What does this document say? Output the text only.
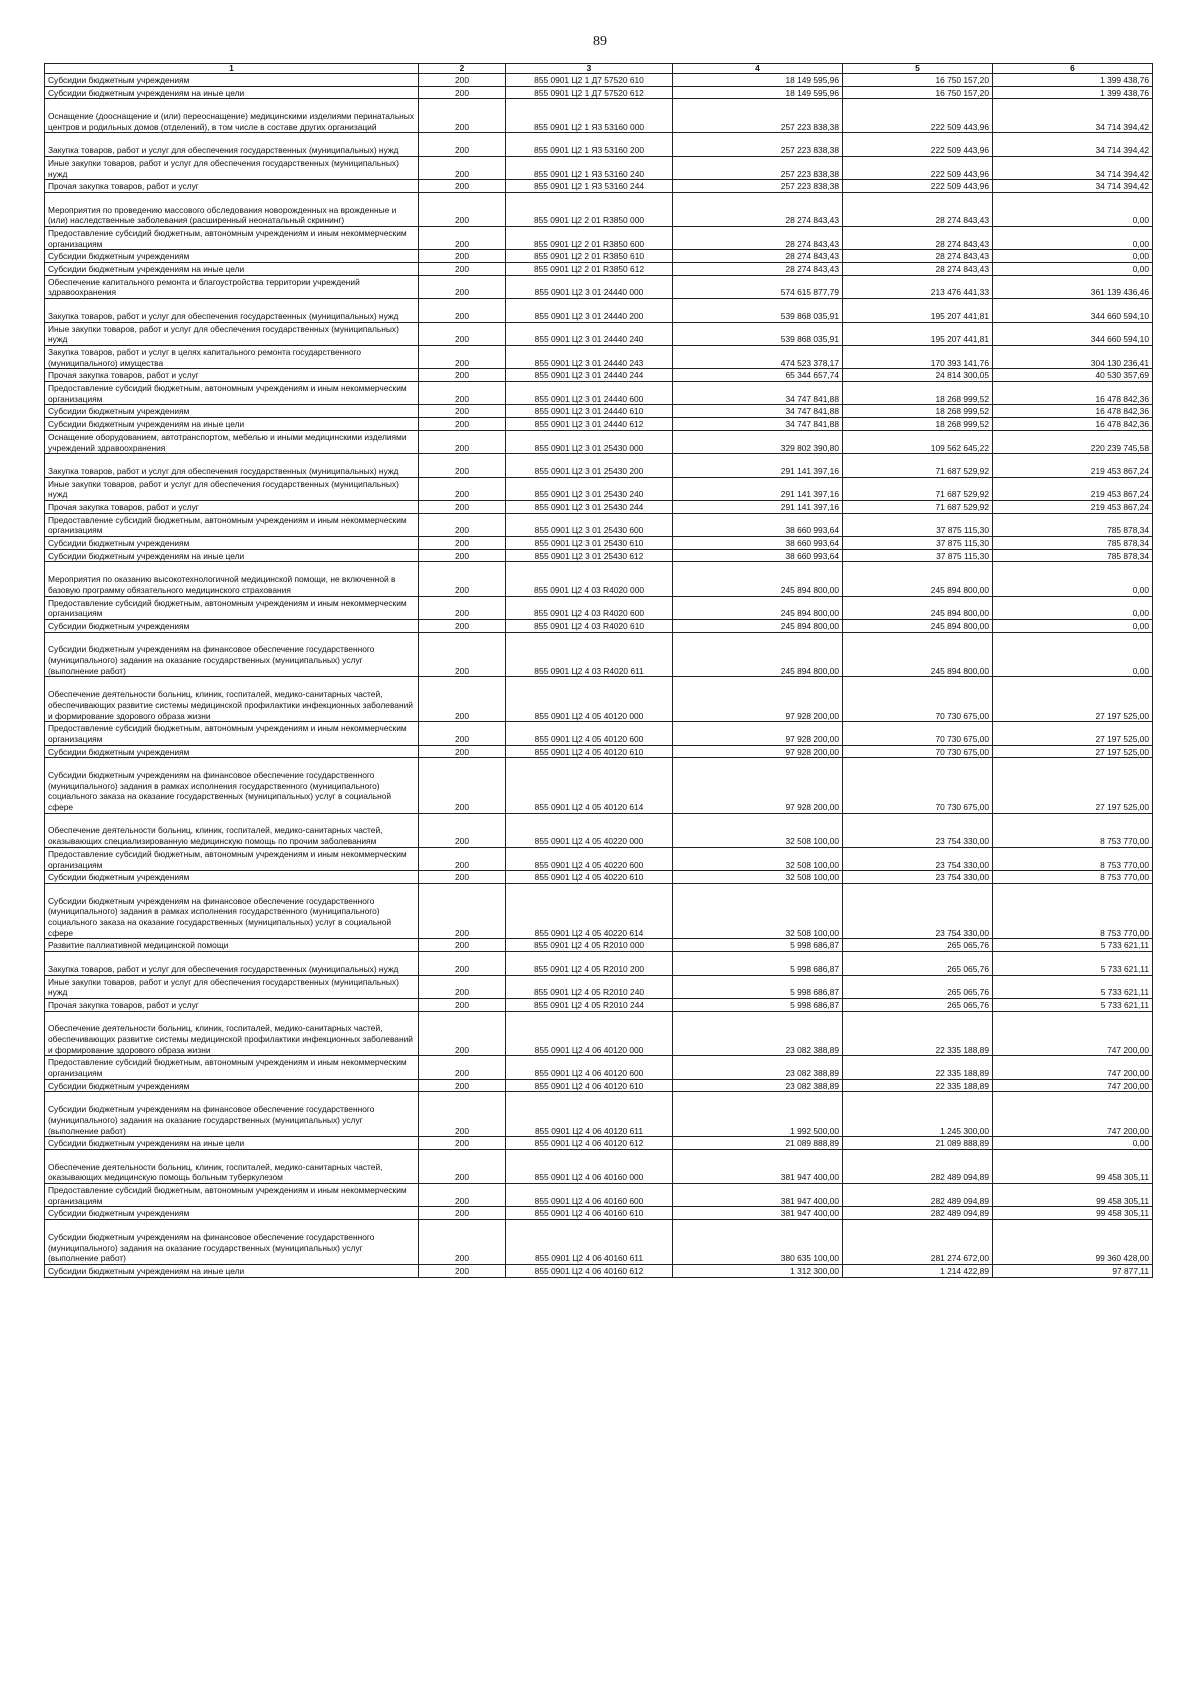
89
1	2	3	4	5	6
Субсидии бюджетным учреждениям	200	855 0901 Ц2 1 Д7 57520 610	18 149 595,96	16 750 157,20	1 399 438,76
Субсидии бюджетным учреждениям на иные цели	200	855 0901 Ц2 1 Д7 57520 612	18 149 595,96	16 750 157,20	1 399 438,76
Оснащение (дооснащение и (или) переоснащение) медицинскими изделиями перинатальных центров и родильных домов (отделений), в том числе в составе других организаций	200	855 0901 Ц2 1 Я3 53160 000	257 223 838,38	222 509 443,96	34 714 394,42
Закупка товаров, работ и услуг для обеспечения государственных (муниципальных) нужд	200	855 0901 Ц2 1 Я3 53160 200	257 223 838,38	222 509 443,96	34 714 394,42
Иные закупки товаров, работ и услуг для обеспечения государственных (муниципальных) нужд	200	855 0901 Ц2 1 Я3 53160 240	257 223 838,38	222 509 443,96	34 714 394,42
Прочая закупка товаров, работ и услуг	200	855 0901 Ц2 1 Я3 53160 244	257 223 838,38	222 509 443,96	34 714 394,42
Мероприятия по проведению массового обследования новорожденных на врожденные и (или) наследственные заболевания (расширенный неонатальный скрининг)	200	855 0901 Ц2 2 01 R3850 000	28 274 843,43	28 274 843,43	0,00
Предоставление субсидий бюджетным, автономным учреждениям и иным некоммерческим организациям	200	855 0901 Ц2 2 01 R3850 600	28 274 843,43	28 274 843,43	0,00
Субсидии бюджетным учреждениям	200	855 0901 Ц2 2 01 R3850 610	28 274 843,43	28 274 843,43	0,00
Субсидии бюджетным учреждениям на иные цели	200	855 0901 Ц2 2 01 R3850 612	28 274 843,43	28 274 843,43	0,00
Обеспечение капитального ремонта и благоустройства территории учреждений здравоохранения	200	855 0901 Ц2 3 01 24440 000	574 615 877,79	213 476 441,33	361 139 436,46
Закупка товаров, работ и услуг для обеспечения государственных (муниципальных) нужд	200	855 0901 Ц2 3 01 24440 200	539 868 035,91	195 207 441,81	344 660 594,10
Иные закупки товаров, работ и услуг для обеспечения государственных (муниципальных) нужд	200	855 0901 Ц2 3 01 24440 240	539 868 035,91	195 207 441,81	344 660 594,10
Закупка товаров, работ и услуг в целях капитального ремонта государственного (муниципального) имущества	200	855 0901 Ц2 3 01 24440 243	474 523 378,17	170 393 141,76	304 130 236,41
Прочая закупка товаров, работ и услуг	200	855 0901 Ц2 3 01 24440 244	65 344 657,74	24 814 300,05	40 530 357,69
Предоставление субсидий бюджетным, автономным учреждениям и иным некоммерческим организациям	200	855 0901 Ц2 3 01 24440 600	34 747 841,88	18 268 999,52	16 478 842,36
Субсидии бюджетным учреждениям	200	855 0901 Ц2 3 01 24440 610	34 747 841,88	18 268 999,52	16 478 842,36
Субсидии бюджетным учреждениям на иные цели	200	855 0901 Ц2 3 01 24440 612	34 747 841,88	18 268 999,52	16 478 842,36
Оснащение оборудованием, автотранспортом, мебелью и иными медицинскими изделиями учреждений здравоохранения	200	855 0901 Ц2 3 01 25430 000	329 802 390,80	109 562 645,22	220 239 745,58
Закупка товаров, работ и услуг для обеспечения государственных (муниципальных) нужд	200	855 0901 Ц2 3 01 25430 200	291 141 397,16	71 687 529,92	219 453 867,24
Иные закупки товаров, работ и услуг для обеспечения государственных (муниципальных) нужд	200	855 0901 Ц2 3 01 25430 240	291 141 397,16	71 687 529,92	219 453 867,24
Прочая закупка товаров, работ и услуг	200	855 0901 Ц2 3 01 25430 244	291 141 397,16	71 687 529,92	219 453 867,24
Предоставление субсидий бюджетным, автономным учреждениям и иным некоммерческим организациям	200	855 0901 Ц2 3 01 25430 600	38 660 993,64	37 875 115,30	785 878,34
Субсидии бюджетным учреждениям	200	855 0901 Ц2 3 01 25430 610	38 660 993,64	37 875 115,30	785 878,34
Субсидии бюджетным учреждениям на иные цели	200	855 0901 Ц2 3 01 25430 612	38 660 993,64	37 875 115,30	785 878,34
Мероприятия по оказанию высокотехнологичной медицинской помощи, не включенной в базовую программу обязательного медицинского страхования	200	855 0901 Ц2 4 03 R4020 000	245 894 800,00	245 894 800,00	0,00
Предоставление субсидий бюджетным, автономным учреждениям и иным некоммерческим организациям	200	855 0901 Ц2 4 03 R4020 600	245 894 800,00	245 894 800,00	0,00
Субсидии бюджетным учреждениям	200	855 0901 Ц2 4 03 R4020 610	245 894 800,00	245 894 800,00	0,00
Субсидии бюджетным учреждениям на финансовое обеспечение государственного (муниципального) задания на оказание государственных (муниципальных) услуг (выполнение работ)	200	855 0901 Ц2 4 03 R4020 611	245 894 800,00	245 894 800,00	0,00
Обеспечение деятельности больниц, клиник, госпиталей, медико-санитарных частей, обеспечивающих развитие системы медицинской профилактики инфекционных заболеваний и формирование здорового образа жизни	200	855 0901 Ц2 4 05 40120 000	97 928 200,00	70 730 675,00	27 197 525,00
Предоставление субсидий бюджетным, автономным учреждениям и иным некоммерческим организациям	200	855 0901 Ц2 4 05 40120 600	97 928 200,00	70 730 675,00	27 197 525,00
Субсидии бюджетным учреждениям	200	855 0901 Ц2 4 05 40120 610	97 928 200,00	70 730 675,00	27 197 525,00
Субсидии бюджетным учреждениям на финансовое обеспечение государственного (муниципального) задания в рамках исполнения государственного (муниципального) социального заказа на оказание государственных (муниципальных) услуг в социальной сфере	200	855 0901 Ц2 4 05 40120 614	97 928 200,00	70 730 675,00	27 197 525,00
Обеспечение деятельности больниц, клиник, госпиталей, медико-санитарных частей, оказывающих специализированную медицинскую помощь по прочим заболеваниям	200	855 0901 Ц2 4 05 40220 000	32 508 100,00	23 754 330,00	8 753 770,00
Предоставление субсидий бюджетным, автономным учреждениям и иным некоммерческим организациям	200	855 0901 Ц2 4 05 40220 600	32 508 100,00	23 754 330,00	8 753 770,00
Субсидии бюджетным учреждениям	200	855 0901 Ц2 4 05 40220 610	32 508 100,00	23 754 330,00	8 753 770,00
Субсидии бюджетным учреждениям на финансовое обеспечение государственного (муниципального) задания в рамках исполнения государственного (муниципального) социального заказа на оказание государственных (муниципальных) услуг в социальной сфере	200	855 0901 Ц2 4 05 40220 614	32 508 100,00	23 754 330,00	8 753 770,00
Развитие паллиативной медицинской помощи	200	855 0901 Ц2 4 05 R2010 000	5 998 686,87	265 065,76	5 733 621,11
Закупка товаров, работ и услуг для обеспечения государственных (муниципальных) нужд	200	855 0901 Ц2 4 05 R2010 200	5 998 686,87	265 065,76	5 733 621,11
Иные закупки товаров, работ и услуг для обеспечения государственных (муниципальных) нужд	200	855 0901 Ц2 4 05 R2010 240	5 998 686,87	265 065,76	5 733 621,11
Прочая закупка товаров, работ и услуг	200	855 0901 Ц2 4 05 R2010 244	5 998 686,87	265 065,76	5 733 621,11
Обеспечение деятельности больниц, клиник, госпиталей, медико-санитарных частей, обеспечивающих развитие системы медицинской профилактики инфекционных заболеваний и формирование здорового образа жизни	200	855 0901 Ц2 4 06 40120 000	23 082 388,89	22 335 188,89	747 200,00
Предоставление субсидий бюджетным, автономным учреждениям и иным некоммерческим организациям	200	855 0901 Ц2 4 06 40120 600	23 082 388,89	22 335 188,89	747 200,00
Субсидии бюджетным учреждениям	200	855 0901 Ц2 4 06 40120 610	23 082 388,89	22 335 188,89	747 200,00
Субсидии бюджетным учреждениям на финансовое обеспечение государственного (муниципального) задания на оказание государственных (муниципальных) услуг (выполнение работ)	200	855 0901 Ц2 4 06 40120 611	1 992 500,00	1 245 300,00	747 200,00
Субсидии бюджетным учреждениям на иные цели	200	855 0901 Ц2 4 06 40120 612	21 089 888,89	21 089 888,89	0,00
Обеспечение деятельности больниц, клиник, госпиталей, медико-санитарных частей, оказывающих медицинскую помощь больным туберкулезом	200	855 0901 Ц2 4 06 40160 000	381 947 400,00	282 489 094,89	99 458 305,11
Предоставление субсидий бюджетным, автономным учреждениям и иным некоммерческим организациям	200	855 0901 Ц2 4 06 40160 600	381 947 400,00	282 489 094,89	99 458 305,11
Субсидии бюджетным учреждениям	200	855 0901 Ц2 4 06 40160 610	381 947 400,00	282 489 094,89	99 458 305,11
Субсидии бюджетным учреждениям на финансовое обеспечение государственного (муниципального) задания на оказание государственных (муниципальных) услуг (выполнение работ)	200	855 0901 Ц2 4 06 40160 611	380 635 100,00	281 274 672,00	99 360 428,00
Субсидии бюджетным учреждениям на иные цели	200	855 0901 Ц2 4 06 40160 612	1 312 300,00	1 214 422,89	97 877,11
